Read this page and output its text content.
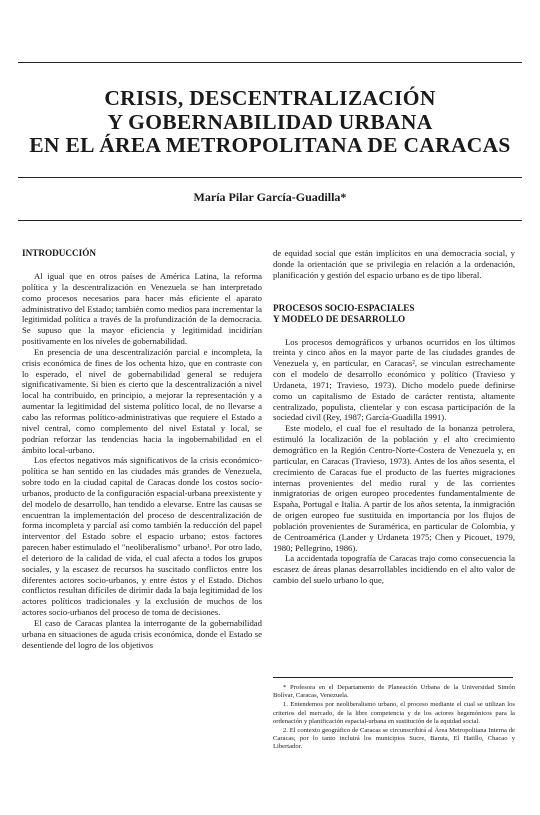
CRISIS, DESCENTRALIZACIÓN
Y GOBERNABILIDAD URBANA
EN EL ÁREA METROPOLITANA DE CARACAS
María Pilar García-Guadilla*
INTRODUCCIÓN

Al igual que en otros países de América Latina, la reforma política y la descentralización en Venezuela se han interpretado como procesos necesarios para hacer más eficiente el aparato administrativo del Estado; también como medios para incrementar la legitimidad política a través de la profundización de la democracia. Se supuso que la mayor eficiencia y legitimidad incidirían positivamente en los niveles de gobernabilidad.

En presencia de una descentralización parcial e incompleta, la crisis económica de fines de los ochenta hizo, que en contraste con lo esperado, el nivel de gobernabilidad general se redujera significativamente. Si bien es cierto que la descentralización a nivel local ha contribuido, en principio, a mejorar la representación y a aumentar la legitimidad del sistema político local, de no llevarse a cabo las reformas político-administrativas que requiere el Estado a nivel central, como complemento del nivel Estatal y local, se podrían reforzar las tendencias hacia la ingobernabilidad en el ámbito local-urbano.

Los efectos negativos más significativos de la crisis económico-política se han sentido en las ciudades más grandes de Venezuela, sobre todo en la ciudad capital de Caracas donde los costos socio-urbanos, producto de la configuración espacial-urbana preexistente y del modelo de desarrollo, han tendido a elevarse. Entre las causas se encuentran la implementación del proceso de descentralización de forma incompleta y parcial así como también la reducción del papel interventor del Estado sobre el espacio urbano; estos factores parecen haber estimulado el "neoliberalismo" urbano¹. Por otro lado, el deterioro de la calidad de vida, el cual afecta a todos los grupos sociales, y la escasez de recursos ha suscitado conflictos entre los diferentes actores socio-urbanos, y entre éstos y el Estado. Dichos conflictos resultan difíciles de dirimir dada la baja legitimidad de los actores políticos tradicionales y la exclusión de muchos de los actores socio-urbanos del proceso de toma de decisiones.

El caso de Caracas plantea la interrogante de la gobernabilidad urbana en situaciones de aguda crisis económica, donde el Estado se desentiende del logro de los objetivos

de equidad social que están implícitos en una democracia social, y donde la orientación que se privilegia en relación a la ordenación, planificación y gestión del espacio urbano es de tipo liberal.

PROCESOS SOCIO-ESPACIALES
Y MODELO DE DESARROLLO

Los procesos demográficos y urbanos ocurridos en los últimos treinta y cinco años en la mayor parte de las ciudades grandes de Venezuela y, en particular, en Caracas², se vinculan estrechamente con el modelo de desarrollo económico y político (Travieso y Urdaneta, 1971; Travieso, 1973). Dicho modelo puede definirse como un capitalismo de Estado de carácter rentista, altamente centralizado, populista, clientelar y con escasa participación de la sociedad civil (Rey, 1987; García-Guadilla 1991).

Este modelo, el cual fue el resultado de la bonanza petrolera, estimuló la localización de la población y el alto crecimiento demográfico en la Región Centro-Norte-Costera de Venezuela y, en particular, en Caracas (Travieso, 1973). Antes de los años sesenta, el crecimiento de Caracas fue el producto de las fuertes migraciones internas provenientes del medio rural y de las corrientes inmigratorias de origen europeo procedentes fundamentalmente de España, Portugal e Italia. A partir de los años setenta, la inmigración de origen europeo fue sustituida en importancia por los flujos de población provenientes de Suramérica, en particular de Colombia, y de Centroamérica (Lander y Urdaneta 1975; Chen y Picouet, 1979, 1980; Pellegrino, 1986).

La accidentada topografía de Caracas trajo como consecuencia la escasez de áreas planas desarrollables incidiendo en el alto valor de cambio del suelo urbano lo que,

* Profesora en el Departamento de Planeación Urbana de la Universidad Simón Bolívar, Caracas, Venezuela.

1. Entendemos por neoliberalismo urbano, el proceso mediante el cual se utilizan los criterios del mercado, de la libre competencia y de los actores hegemónicos para la ordenación y planificación espacial-urbana en sustitución de la equidad social.

2. El contexto geográfico de Caracas se circunscribirá al Área Metropolitana Interna de Caracas; por lo tanto incluirá los municipios Sucre, Baruta, El Hatillo, Chacao y Libertador.
